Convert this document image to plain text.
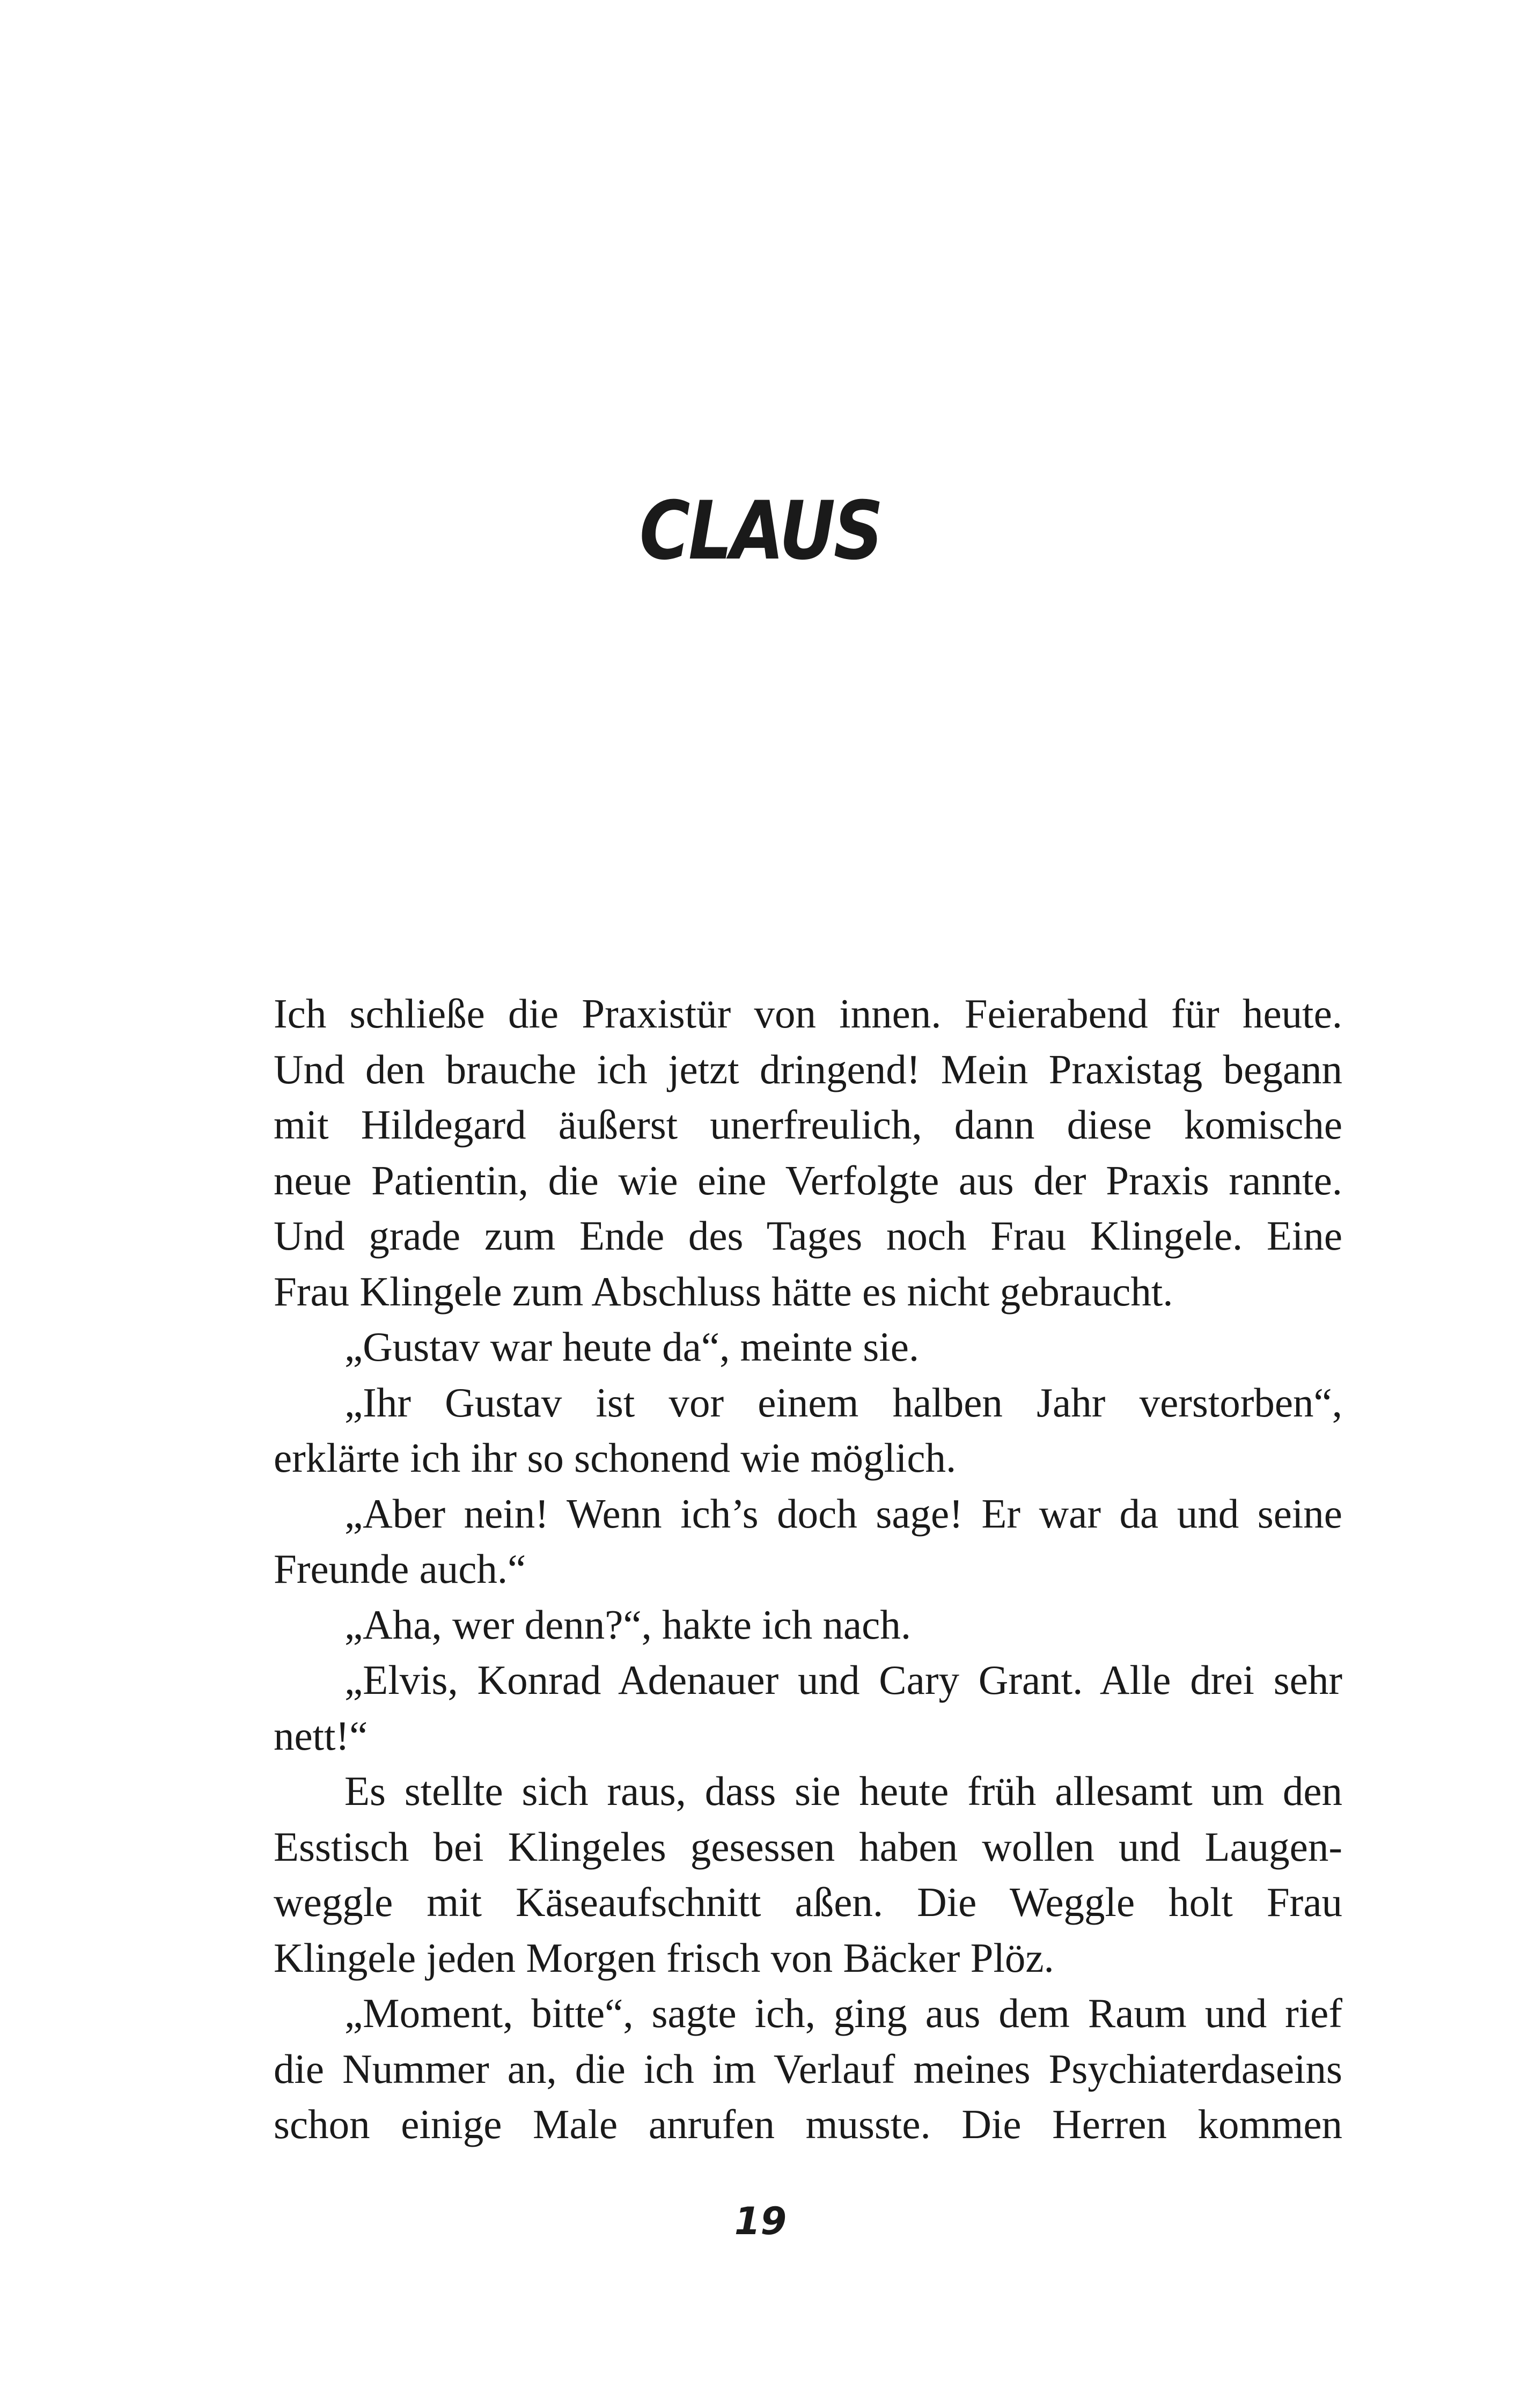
CLAUS

Ich schließe die Praxistür von innen. Feierabend für heute.

Und den brauche ich jetzt dringend! Mein Praxistag begann

mit Hildegard äußerst unerfreulich, dann diese komische

neue Patientin, die wie eine Verfolgte aus der Praxis rannte.

Und grade zum Ende des Tages noch Frau Klingele. Eine

Frau Klingele zum Abschluss hätte es nicht gebraucht.

„Gustav war heute da“, meinte sie.

„Ihr Gustav ist vor einem halben Jahr verstorben“,

erklärte ich ihr so schonend wie möglich.

„Aber nein! Wenn ich’s doch sage! Er war da und seine

Freunde auch.“

„Aha, wer denn?“, hakte ich nach.

„Elvis, Konrad Adenauer und Cary Grant. Alle drei sehr

nett!“

Es stellte sich raus, dass sie heute früh allesamt um den

Esstisch bei Klingeles gesessen haben wollen und Laugen-

weggle mit Käseaufschnitt aßen. Die Weggle holt Frau

Klingele jeden Morgen frisch von Bäcker Plöz.

„Moment, bitte“, sagte ich, ging aus dem Raum und rief

die Nummer an, die ich im Verlauf meines Psychiaterdaseins

schon einige Male anrufen musste. Die Herren kommen

19
